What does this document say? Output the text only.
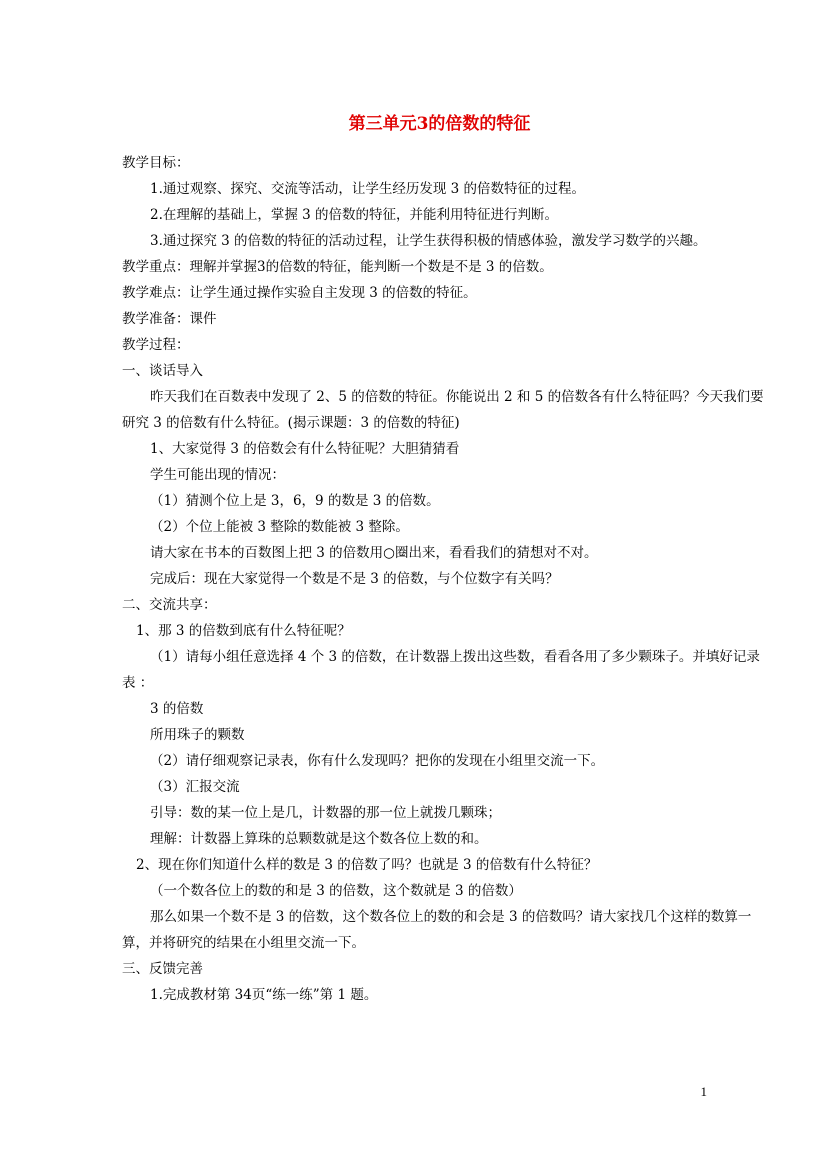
第三单元3的倍数的特征
教学目标：
1.通过观察、探究、交流等活动，让学生经历发现 3 的倍数特征的过程。
2.在理解的基础上，掌握 3 的倍数的特征，并能利用特征进行判断。
3.通过探究 3 的倍数的特征的活动过程，让学生获得积极的情感体验，激发学习数学的兴趣。
教学重点：理解并掌握3的倍数的特征，能判断一个数是不是 3 的倍数。
教学难点：让学生通过操作实验自主发现 3 的倍数的特征。
教学准备：课件
教学过程：
一、谈话导入
昨天我们在百数表中发现了 2、5 的倍数的特征。你能说出 2 和 5 的倍数各有什么特征吗？今天我们要研究 3 的倍数有什么特征。(揭示课题：3 的倍数的特征)
1、大家觉得 3 的倍数会有什么特征呢？大胆猜猜看
学生可能出现的情况：
（1）猜测个位上是 3，6，9 的数是 3 的倍数。
（2）个位上能被 3 整除的数能被 3 整除。
请大家在书本的百数图上把 3 的倍数用○圈出来，看看我们的猜想对不对。
完成后：现在大家觉得一个数是不是 3 的倍数，与个位数字有关吗？
二、交流共享：
1、那 3 的倍数到底有什么特征呢？
（1）请每小组任意选择 4 个 3 的倍数，在计数器上拨出这些数，看看各用了多少颗珠子。并填好记录表 ：
3 的倍数
所用珠子的颗数
（2）请仔细观察记录表，你有什么发现吗？把你的发现在小组里交流一下。
（3）汇报交流
引导：数的某一位上是几，计数器的那一位上就拨几颗珠；
理解：计数器上算珠的总颗数就是这个数各位上数的和。
2、现在你们知道什么样的数是 3 的倍数了吗？也就是 3 的倍数有什么特征？
（一个数各位上的数的和是 3 的倍数，这个数就是 3 的倍数）
那么如果一个数不是 3 的倍数，这个数各位上的数的和会是 3 的倍数吗？请大家找几个这样的数算一算，并将研究的结果在小组里交流一下。
三、反馈完善
1.完成教材第 34页“练一练”第 1 题。
1
